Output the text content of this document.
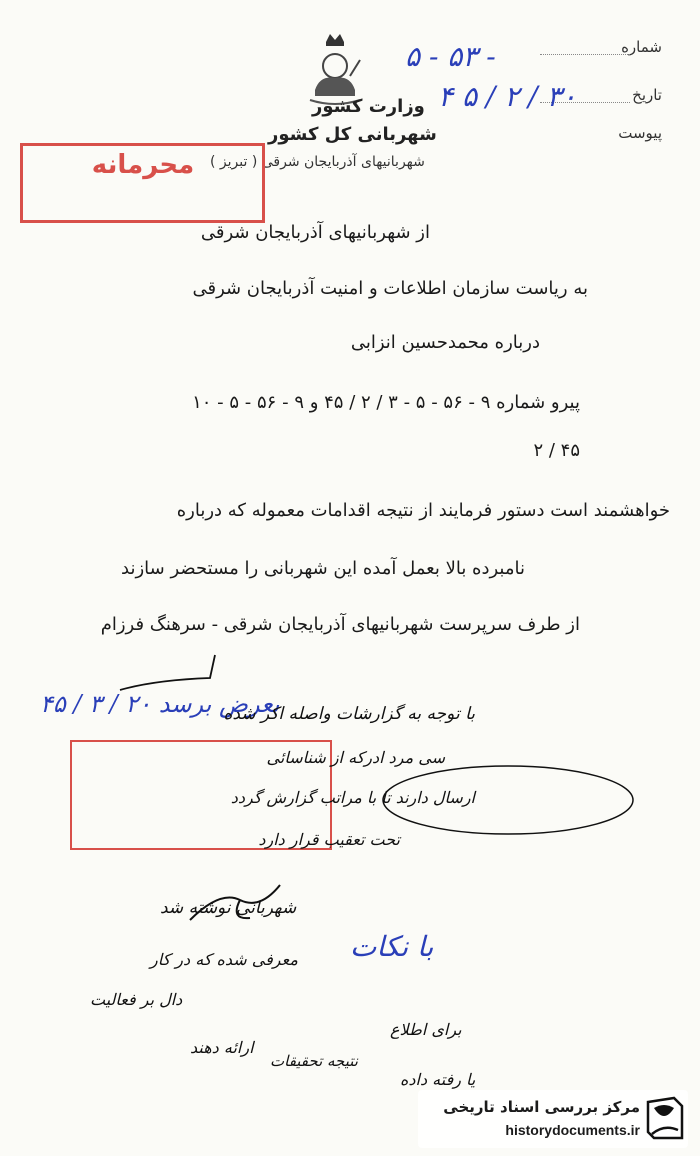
شماره
تاریخ
پیوست
۵ - ۵۳ -
۴ ۵ / ۲ / ۳۰
وزارت کشور
شهربانی کل کشور
شهربانیهای آذربایجان شرقی ( تبریز )
محرمانه
از شهربانیهای آذربایجان شرقی
به ریاست سازمان اطلاعات و امنیت آذربایجان شرقی
درباره محمدحسین انزابی
پیرو شماره ۹ - ۵۶ - ۵ - ۳ / ۲ / ۴۵ و ۹ - ۵۶ - ۵ - ۱۰
۲ / ۴۵
خواهشمند است دستور فرمایند از نتیجه اقدامات معموله که درباره
نامبرده بالا بعمل آمده این شهربانی را مستحضر سازند
از طرف سرپرست شهربانیهای آذربایجان شرقی - سرهنگ فرزام
بعرض برسد ۲۰ / ۳ / ۴۵
با توجه به گزارشات واصله اکر شده
سی مرد ادرکه از شناسائی
ارسال دارند تا با مراتب گزارش گردد
تحت تعقیب قرار دارد
با نکات
شهربانی نوشته شد
معرفی شده که در کار
دال بر فعالیت
ارائه دهند
برای اطلاع
نتیجه تحقیقات
یا رفته داده
مرکز بررسی اسناد تاریخی
historydocuments.ir
